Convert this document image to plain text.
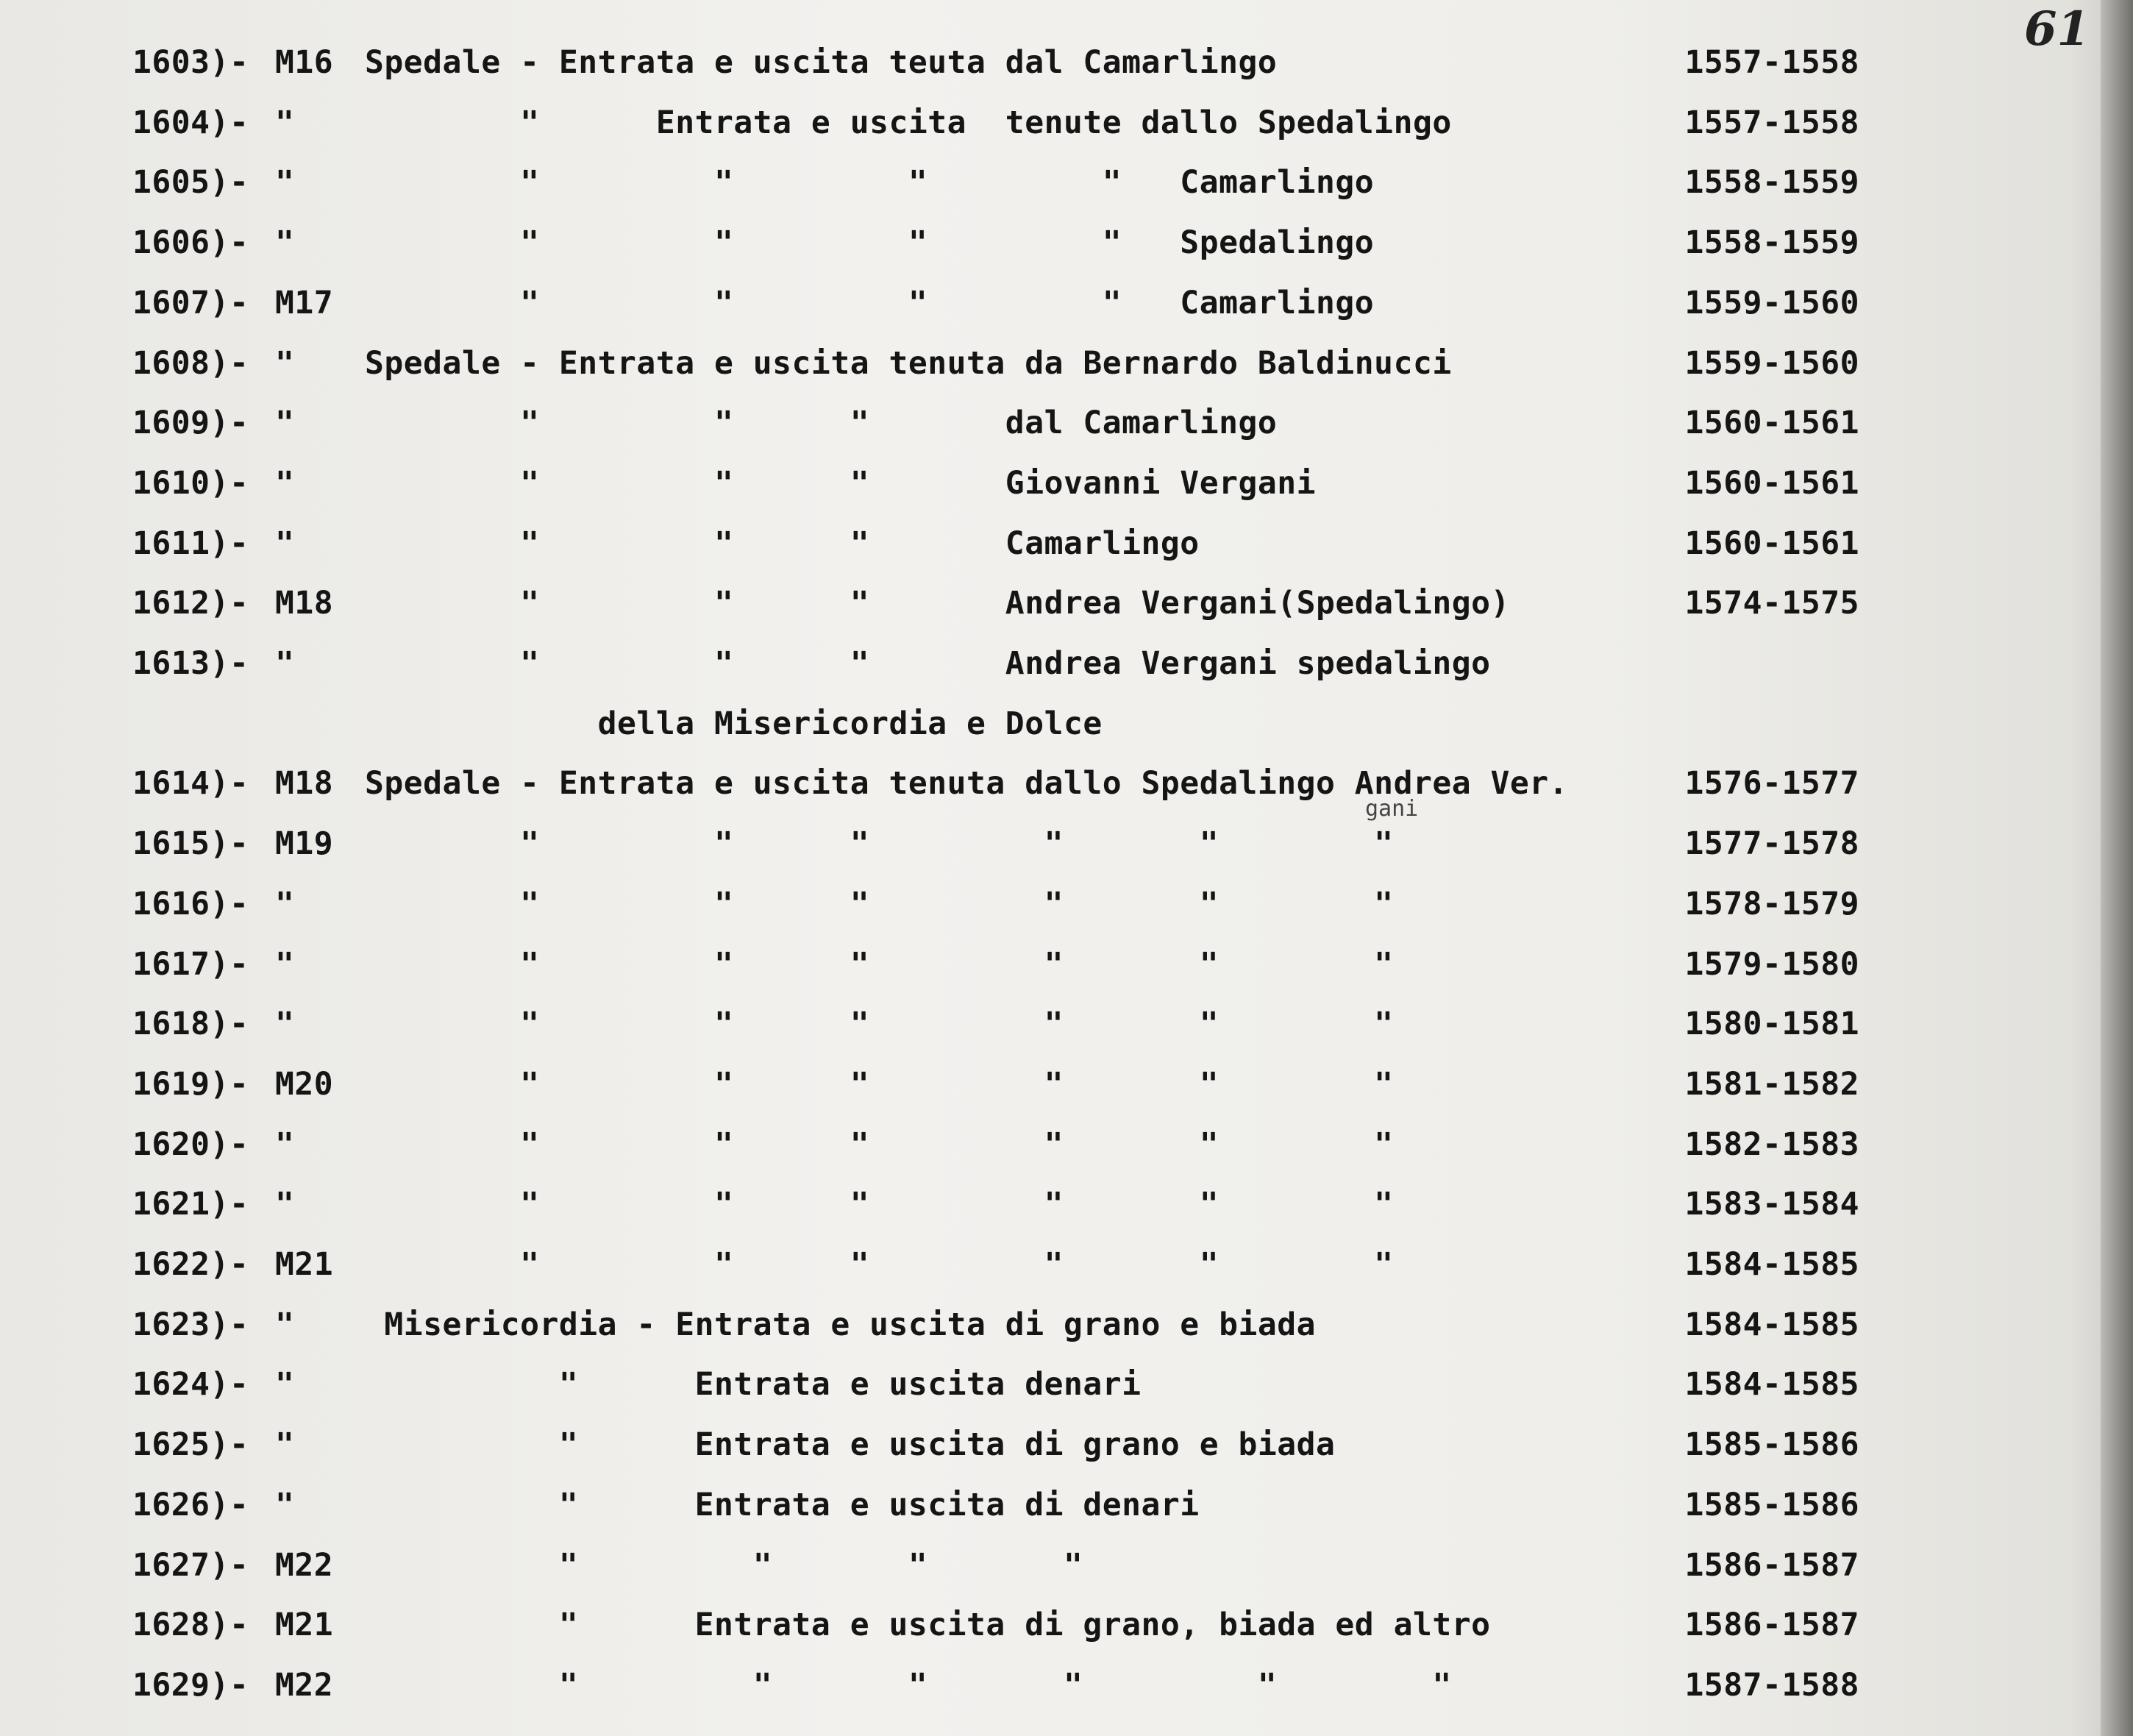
61
1603)- M16 Spedale - Entrata e uscita teuta dal Camarlingo	1557-1558
1604)- " "      Entrata e uscita  tenute dallo Spedalingo	1557-1558
1605)- " "         "         "         "   Camarlingo	1558-1559
1606)- " "         "         "         "   Spedalingo	1558-1559
1607)- M17 "         "         "         "   Camarlingo	1559-1560
1608)- " Spedale - Entrata e uscita tenuta da Bernardo Baldinucci	1559-1560
1609)- " "         "      "       dal Camarlingo	1560-1561
1610)- " "         "      "       Giovanni Vergani	1560-1561
1611)- " "         "      "       Camarlingo	1560-1561
1612)- M18 "         "      "       Andrea Vergani(Spedalingo)	1574-1575
1613)- " "         "      "       Andrea Vergani spedalingo
della Misericordia e Dolce
1614)- M18 Spedale - Entrata e uscita tenuta dallo Spedalingo Andrea Ver.	1576-1577
1615)- M19 "         "      "         "       "        "	1577-1578
1616)- " "         "      "         "       "        "	1578-1579
1617)- " "         "      "         "       "        "	1579-1580
1618)- " "         "      "         "       "        "	1580-1581
1619)- M20 "         "      "         "       "        "	1581-1582
1620)- " "         "      "         "       "        "	1582-1583
1621)- " "         "      "         "       "        "	1583-1584
1622)- M21 "         "      "         "       "        "	1584-1585
1623)- " Misericordia - Entrata e uscita di grano e biada	1584-1585
1624)- " "      Entrata e uscita denari	1584-1585
1625)- " "      Entrata e uscita di grano e biada	1585-1586
1626)- " "      Entrata e uscita di denari	1585-1586
1627)- M22 "         "       "       "	1586-1587
1628)- M21 "      Entrata e uscita di grano, biada ed altro	1586-1587
1629)- M22 "         "       "       "         "        "	1587-1588
gani
